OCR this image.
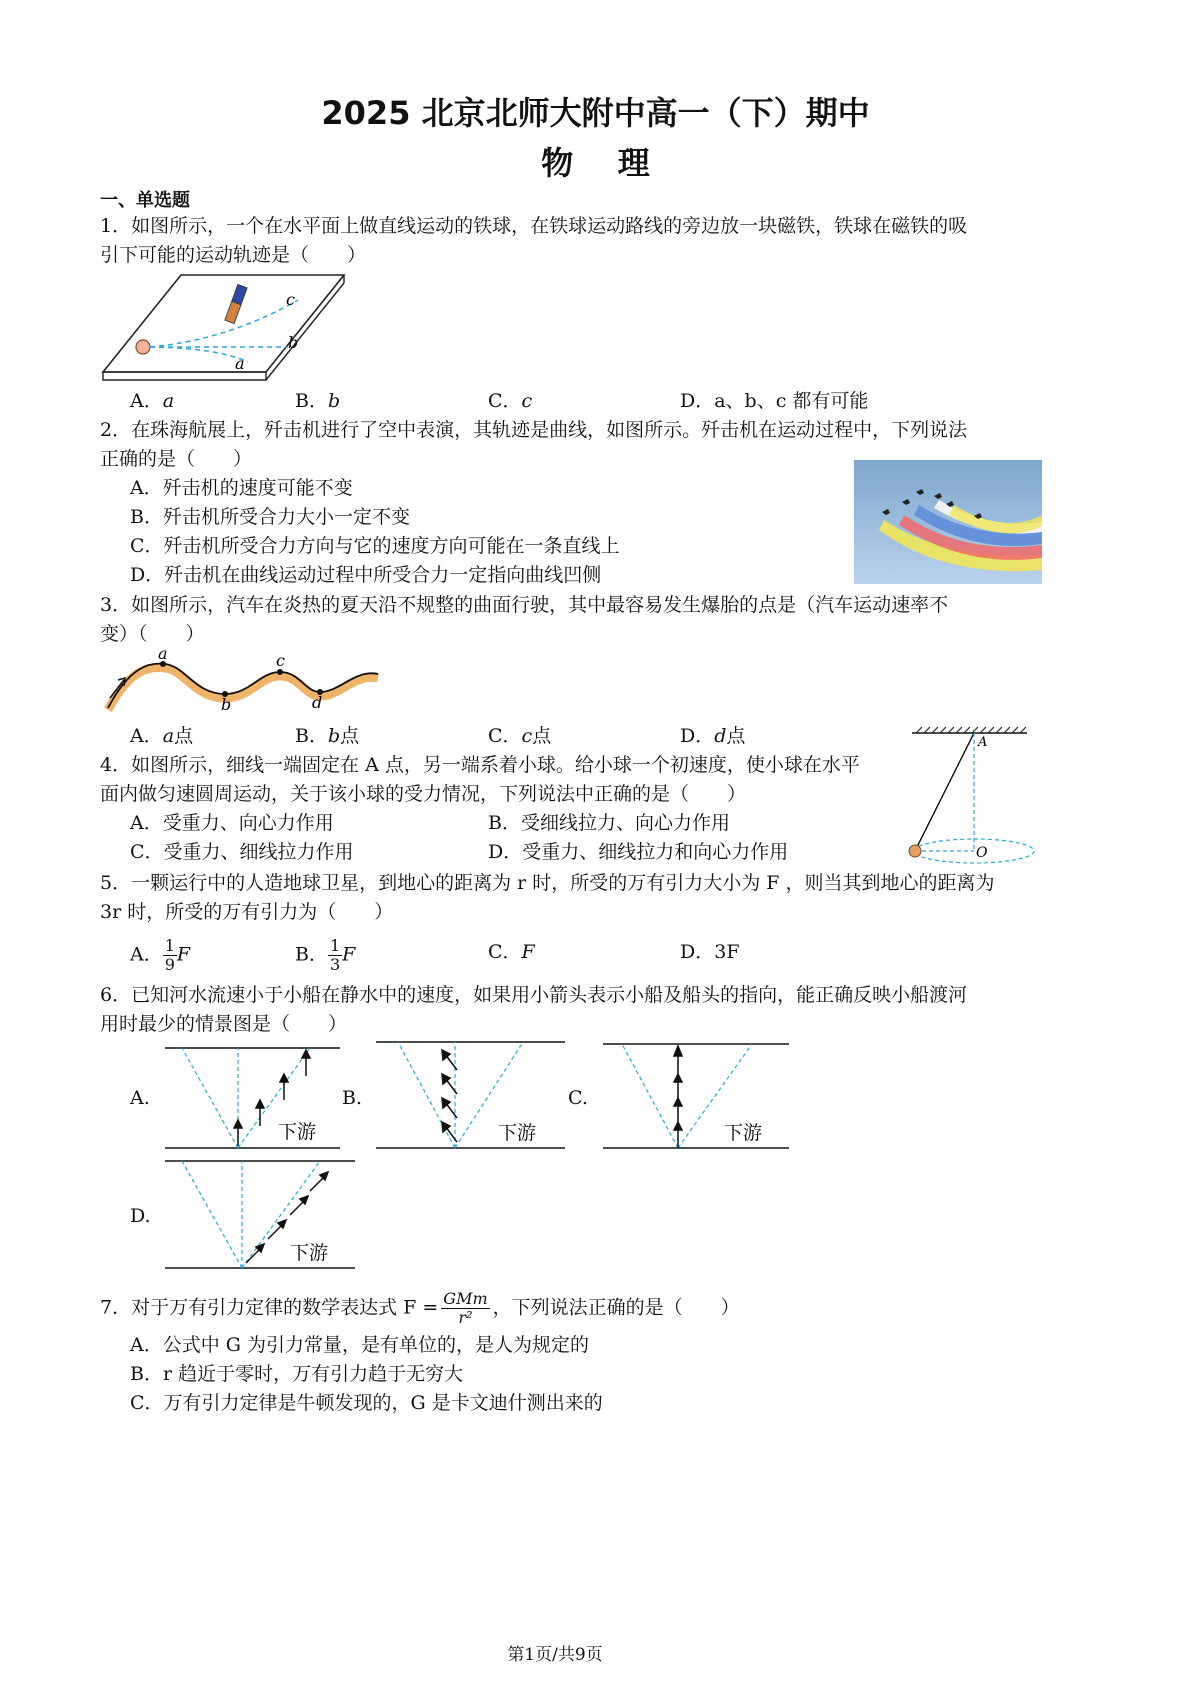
2025 北京北师大附中高一（下）期中
物    理
一、单选题
1．如图所示，一个在水平面上做直线运动的铁球，在铁球运动路线的旁边放一块磁铁，铁球在磁铁的吸
引下可能的运动轨迹是（　　）
c
b
a
A．a	B．b	C．c	D．a、b、c 都有可能
2．在珠海航展上，歼击机进行了空中表演，其轨迹是曲线，如图所示。歼击机在运动过程中，下列说法
正确的是（　　）
A．歼击机的速度可能不变
B．歼击机所受合力大小一定不变
C．歼击机所受合力方向与它的速度方向可能在一条直线上
D．歼击机在曲线运动过程中所受合力一定指向曲线凹侧
3．如图所示，汽车在炎热的夏天沿不规整的曲面行驶，其中最容易发生爆胎的点是（汽车运动速率不
变）（　　）
a
b
c
d
A．a点	B．b点	C．c点	D．d点
4．如图所示，细线一端固定在 A 点，另一端系着小球。给小球一个初速度，使小球在水平
面内做匀速圆周运动，关于该小球的受力情况，下列说法中正确的是（　　）
A．受重力、向心力作用	B．受细线拉力、向心力作用
C．受重力、细线拉力作用	D．受重力、细线拉力和向心力作用
A
O
5．一颗运行中的人造地球卫星，到地心的距离为 r 时，所受的万有引力大小为 F ，则当其到地心的距离为
3r 时，所受的万有引力为（　　）
A． $\frac{1}{9}$ F	B． $\frac{1}{3}$ F	C．F	D．3F
6．已知河水流速小于小船在静水中的速度，如果用小箭头表示小船及船头的指向，能正确反映小船渡河
用时最少的情景图是（　　）
A.
下游
B.
下游
C.
下游
D.
下游
7．对于万有引力定律的数学表达式 $F = \frac{\text{GMm}}{\text{r²}}$ ，下列说法正确的是（　　）
A．公式中 G 为引力常量，是有单位的，是人为规定的
B．r 趋近于零时，万有引力趋于无穷大
C．万有引力定律是牛顿发现的，G 是卡文迪什测出来的
第1页/共9页
